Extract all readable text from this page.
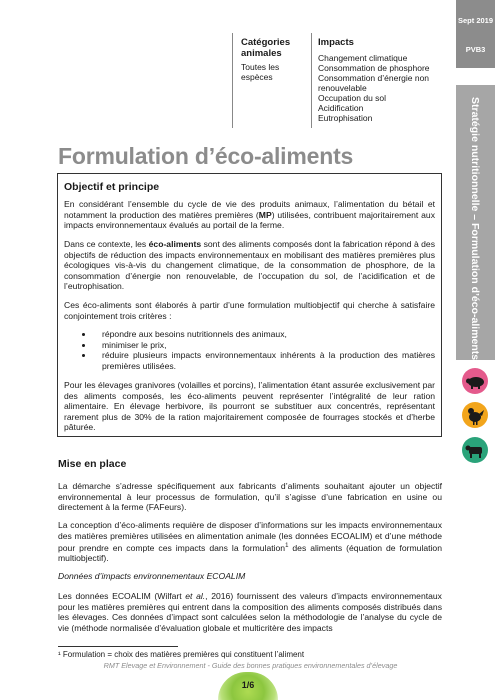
Catégories animales
Toutes les espèces
Impacts
Changement climatique
Consommation de phosphore
Consommation d’énergie non renouvelable
Occupation du sol
Acidification
Eutrophisation
Sept 2019
PVB3
Stratégie nutritionnelle – Formulation d’éco-aliments
Formulation d’éco-aliments
Objectif et principe
En considérant l’ensemble du cycle de vie des produits animaux, l’alimentation du bétail et notamment la production des matières premières (MP) utilisées, contribuent majoritairement aux impacts environnementaux évalués au portail de la ferme.
Dans ce contexte, les éco-aliments sont des aliments composés dont la fabrication répond à des objectifs de réduction des impacts environnementaux en mobilisant des matières premières plus écologiques vis-à-vis du changement climatique, de la consommation de phosphore, de la consommation d’énergie non renouvelable, de l’occupation du sol, de l’acidification et de l’eutrophisation.
Ces éco-aliments sont élaborés à partir d’une formulation multiobjectif qui cherche à satisfaire conjointement trois critères :
• répondre aux besoins nutritionnels des animaux,
• minimiser le prix,
• réduire plusieurs impacts environnementaux inhérents à la production des matières premières utilisées.
Pour les élevages granivores (volailles et porcins), l’alimentation étant assurée exclusivement par des aliments composés, les éco-aliments peuvent représenter l’intégralité de leur ration alimentaire. En élevage herbivore, ils pourront se substituer aux concentrés, représentant rarement plus de 30% de la ration majoritairement composée de fourrages stockés et d’herbe pâturée.
Mise en place
La démarche s’adresse spécifiquement aux fabricants d’aliments souhaitant ajouter un objectif environnemental à leur processus de formulation, qu’il s’agisse d’une fabrication en usine ou directement à la ferme (FAFeurs).
La conception d’éco-aliments requière de disposer d’informations sur les impacts environnementaux des matières premières utilisées en alimentation animale (les données ECOALIM) et d’une méthode pour prendre en compte ces impacts dans la formulation$^1$ des aliments (équation de formulation multiobjectif).
Données d’impacts environnementaux ECOALIM
Les données ECOALIM (Wilfart et al., 2016) fournissent des valeurs d’impacts environnementaux pour les matières premières qui entrent dans la composition des aliments composés distribués dans les élevages. Ces données d’impact sont calculées selon la méthodologie de l’analyse du cycle de vie (méthode normalisée d’évaluation globale et multicritère des impacts
¹ Formulation = choix des matières premières qui constituent l’aliment
RMT Elevage et Environnement - Guide des bonnes pratiques environnementales d’élevage
1/6
